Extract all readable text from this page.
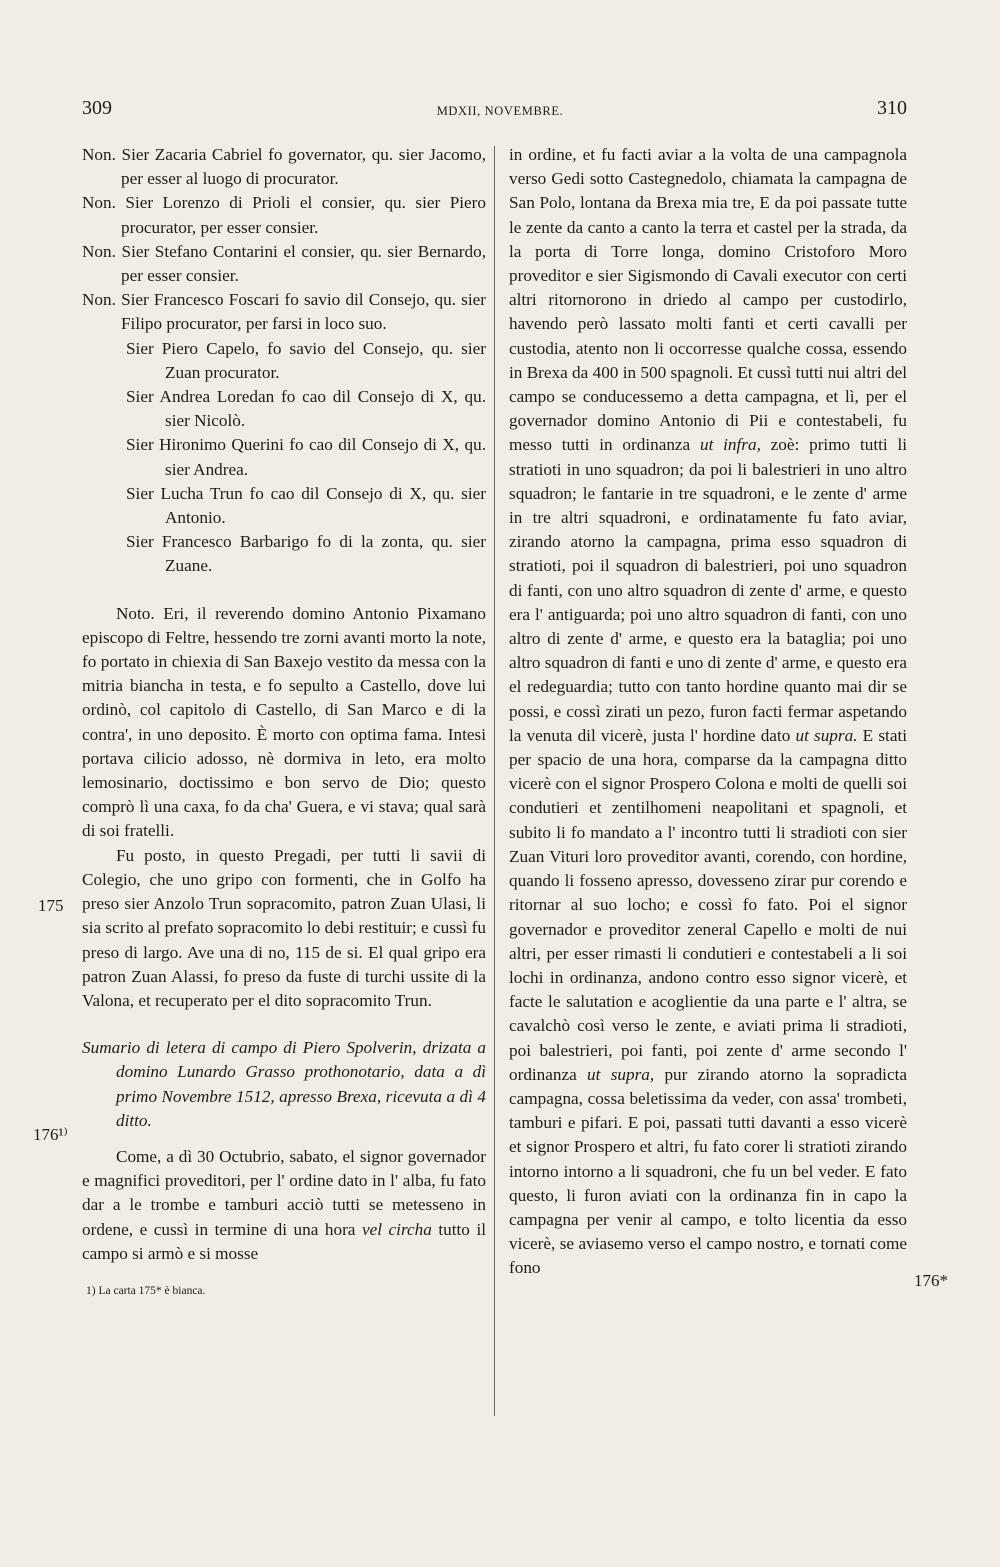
309	MDXII, NOVEMBRE.	310
175
176¹⁾
176*

Non. Sier Zacaria Cabriel fo governator, qu. sier Jacomo, per esser al luogo di procurator.

Non. Sier Lorenzo di Prioli el consier, qu. sier Piero procurator, per esser consier.

Non. Sier Stefano Contarini el consier, qu. sier Bernardo, per esser consier.

Non. Sier Francesco Foscari fo savio dil Consejo, qu. sier Filipo procurator, per farsi in loco suo.

Sier Piero Capelo, fo savio del Consejo, qu. sier Zuan procurator.

Sier Andrea Loredan fo cao dil Consejo di X, qu. sier Nicolò.

Sier Hironimo Querini fo cao dil Consejo di X, qu. sier Andrea.

Sier Lucha Trun fo cao dil Consejo di X, qu. sier Antonio.

Sier Francesco Barbarigo fo di la zonta, qu. sier Zuane.

Noto. Eri, il reverendo domino Antonio Pixamano episcopo di Feltre, hessendo tre zorni avanti morto la note, fo portato in chiexia di San Baxejo vestito da messa con la mitria biancha in testa, e fo sepulto a Castello, dove lui ordinò, col capitolo di Castello, di San Marco e di la contra', in uno deposito. È morto con optima fama. Intesi portava cilicio adosso, nè dormiva in leto, era molto lemosinario, doctissimo e bon servo de Dio; questo comprò lì una caxa, fo da cha' Guera, e vi stava; qual sarà di soi fratelli.

Fu posto, in questo Pregadi, per tutti li savii di Colegio, che uno gripo con formenti, che in Golfo ha preso sier Anzolo Trun sopracomito, patron Zuan Ulasi, li sia scrito al prefato sopracomito lo debi restituir; e cussì fu preso di largo. Ave una di no, 115 de si. El qual gripo era patron Zuan Alassi, fo preso da fuste di turchi ussite di la Valona, et recuperato per el dito sopracomito Trun.

Sumario di letera di campo di Piero Spolverin, drizata a domino Lunardo Grasso prothonotario, data a dì primo Novembre 1512, apresso Brexa, ricevuta a dì 4 ditto.

Come, a dì 30 Octubrio, sabato, el signor governador e magnifici proveditori, per l' ordine dato in l' alba, fu fato dar a le trombe e tamburi acciò tutti se metesseno in ordene, e cussì in termine di una hora vel circha tutto il campo si armò e si mosse

1) La carta 175* è bianca.

in ordine, et fu facti aviar a la volta de una campagnola verso Gedi sotto Castegnedolo, chiamata la campagna de San Polo, lontana da Brexa mia tre, E da poi passate tutte le zente da canto a canto la terra et castel per la strada, da la porta di Torre longa, domino Cristoforo Moro proveditor e sier Sigismondo di Cavali executor con certi altri ritornorono in driedo al campo per custodirlo, havendo però lassato molti fanti et certi cavalli per custodia, atento non li occorresse qualche cossa, essendo in Brexa da 400 in 500 spagnoli. Et cussì tutti nui altri del campo se conducessemo a detta campagna, et lì, per el governador domino Antonio di Pii e contestabeli, fu messo tutti in ordinanza ut infra, zoè: primo tutti li stratioti in uno squadron; da poi li balestrieri in uno altro squadron; le fantarie in tre squadroni, e le zente d' arme in tre altri squadroni, e ordinatamente fu fato aviar, zirando atorno la campagna, prima esso squadron di stratioti, poi il squadron di balestrieri, poi uno squadron di fanti, con uno altro squadron di zente d' arme, e questo era l' antiguarda; poi uno altro squadron di fanti, con uno altro di zente d' arme, e questo era la bataglia; poi uno altro squadron di fanti e uno di zente d' arme, e questo era el redeguardia; tutto con tanto hordine quanto mai dir se possi, e cossì zirati un pezo, furon facti fermar aspetando la venuta dil vicerè, justa l' hordine dato ut supra. E stati per spacio de una hora, comparse da la campagna ditto vicerè con el signor Prospero Colona e molti de quelli soi condutieri et zentilhomeni neapolitani et spagnoli, et subito li fo mandato a l' incontro tutti li stradioti con sier Zuan Vituri loro proveditor avanti, corendo, con hordine, quando li fosseno apresso, dovesseno zirar pur corendo e ritornar al suo locho; e cossì fo fato. Poi el signor governador e proveditor zeneral Capello e molti de nui altri, per esser rimasti li condutieri e contestabeli a li soi lochi in ordinanza, andono contro esso signor vicerè, et facte le salutation e acoglientie da una parte e l' altra, se cavalchò così verso le zente, e aviati prima li stradioti, poi balestrieri, poi fanti, poi zente d' arme secondo l' ordinanza ut supra, pur zirando atorno la sopradicta campagna, cossa beletissima da veder, con assa' trombeti, tamburi e pifari. E poi, passati tutti davanti a esso vicerè et signor Prospero et altri, fu fato corer li stratioti zirando intorno intorno a li squadroni, che fu un bel veder. E fato questo, li furon aviati con la ordinanza fin in capo la campagna per venir al campo, e tolto licentia da esso vicerè, se aviasemo verso el campo nostro, e tornati come fono
